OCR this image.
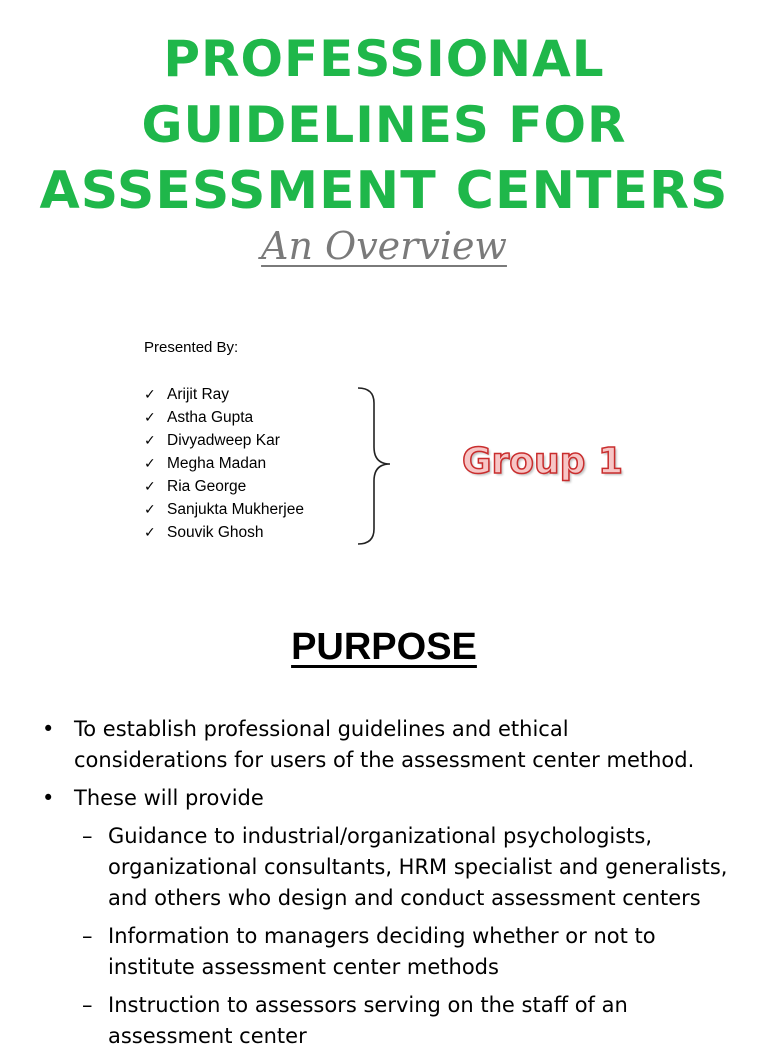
PROFESSIONAL
GUIDELINES FOR
ASSESSMENT CENTERS
An Overview
Presented By:
✓ Arijit Ray
✓ Astha Gupta
✓ Divyadweep Kar
✓ Megha Madan
✓ Ria George
✓ Sanjukta Mukherjee
✓ Souvik Ghosh
Group 1
PURPOSE
• To establish professional guidelines and ethical considerations for users of the assessment center method.
• These will provide
– Guidance to industrial/organizational psychologists, organizational consultants, HRM specialist and generalists, and others who design and conduct assessment centers
– Information to managers deciding whether or not to institute assessment center methods
– Instruction to assessors serving on the staff of an assessment center
